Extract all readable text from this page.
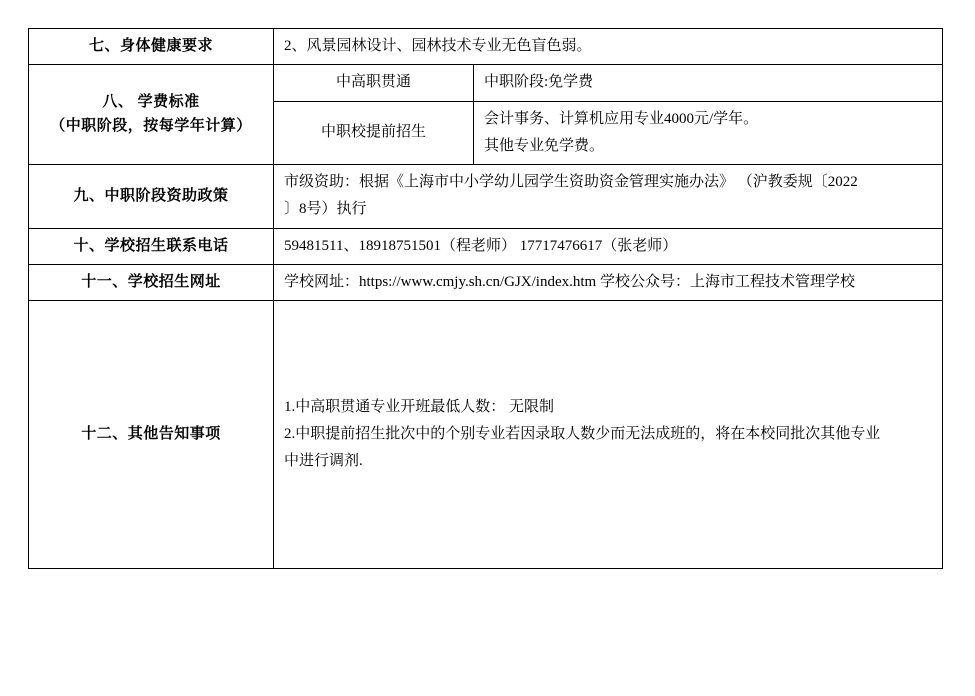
七、身体健康要求	2、风景园林设计、园林技术专业无色盲色弱。	
八、 学费标准
（中职阶段，按每学年计算）	中高职贯通	中职阶段:免学费

	中职校提前招生	会计事务、计算机应用专业4000元/学年。

其他专业免学费。

九、中职阶段资助政策	市级资助：根据《上海市中小学幼儿园学生资助资金管理实施办法》 （沪教委规〔2022

〕8号）执行	

十、学校招生联系电话	59481511、18918751501（程老师） 17717476617（张老师）	
十一、学校招生网址	学校网址：https://www.cmjy.sh.cn/GJX/index.htm 学校公众号：上海市工程技术管理学校	
十二、其他告知事项	1.中高职贯通专业开班最低人数： 无限制

2.中职提前招生批次中的个别专业若因录取人数少而无法成班的，将在本校同批次其他专业

中进行调剂.	
